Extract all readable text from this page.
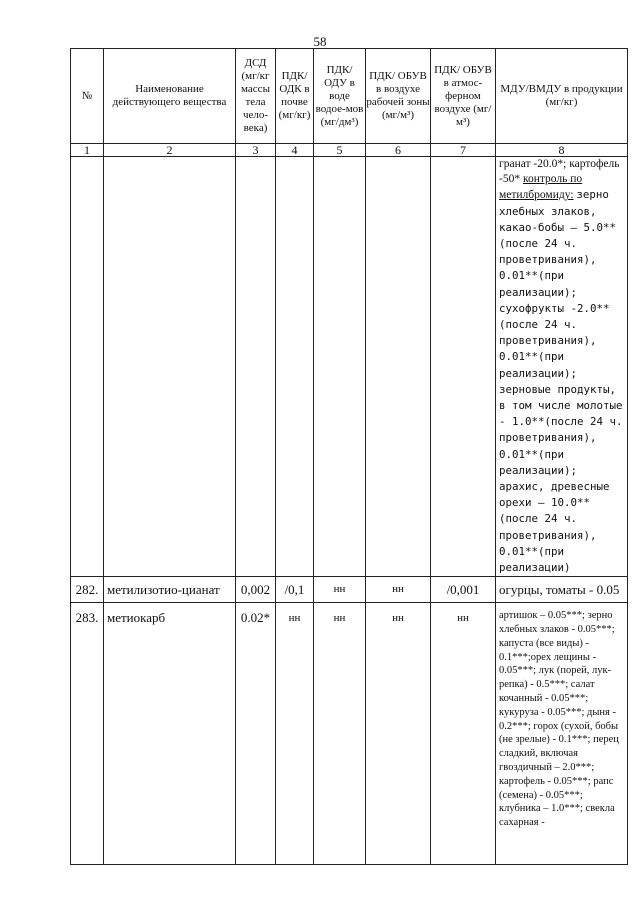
58
№	Наименование действующего вещества	ДСД (мг/кг массы тела чело-века)	ПДК/ ОДК в почве (мг/кг)	ПДК/ ОДУ в воде водое-мов (мг/дм³)	ПДК/ ОБУВ в воздухе рабочей зоны (мг/м³)	ПДК/ ОБУВ в атмос-ферном воздухе (мг/м³)	МДУ/ВМДУ в продукции (мг/кг)
1	2	3	4	5	6	7	8
							гранат -20.0*; картофель -50* контроль по метилбромиду: зерно хлебных злаков, какао-бобы – 5.0** (после 24 ч. проветривания), 0.01**(при реализации); сухофрукты -2.0** (после 24 ч. проветривания), 0.01**(при реализации); зерновые продукты, в том числе молотые - 1.0**(после 24 ч. проветривания), 0.01**(при реализации); арахис, древесные орехи – 10.0** (после 24 ч. проветривания), 0.01**(при реализации)
282.	метилизотио-цианат	0,002	/0,1	нн	нн	/0,001	огурцы, томаты - 0.05
283.	метиокарб	0.02*	нн	нн	нн	нн	артишок – 0.05***; зерно хлебных злаков - 0.05***; капуста (все виды) - 0.1***;орех лещины - 0.05***; лук (порей, лук-репка) - 0.5***; салат кочанный - 0.05***; кукуруза - 0.05***; дыня - 0.2***; горох (сухой, бобы (не зрелые) - 0.1***; перец сладкий, включая гвоздичный – 2.0***; картофель - 0.05***; рапс (семена) - 0.05***; клубника – 1.0***; свекла сахарная -
